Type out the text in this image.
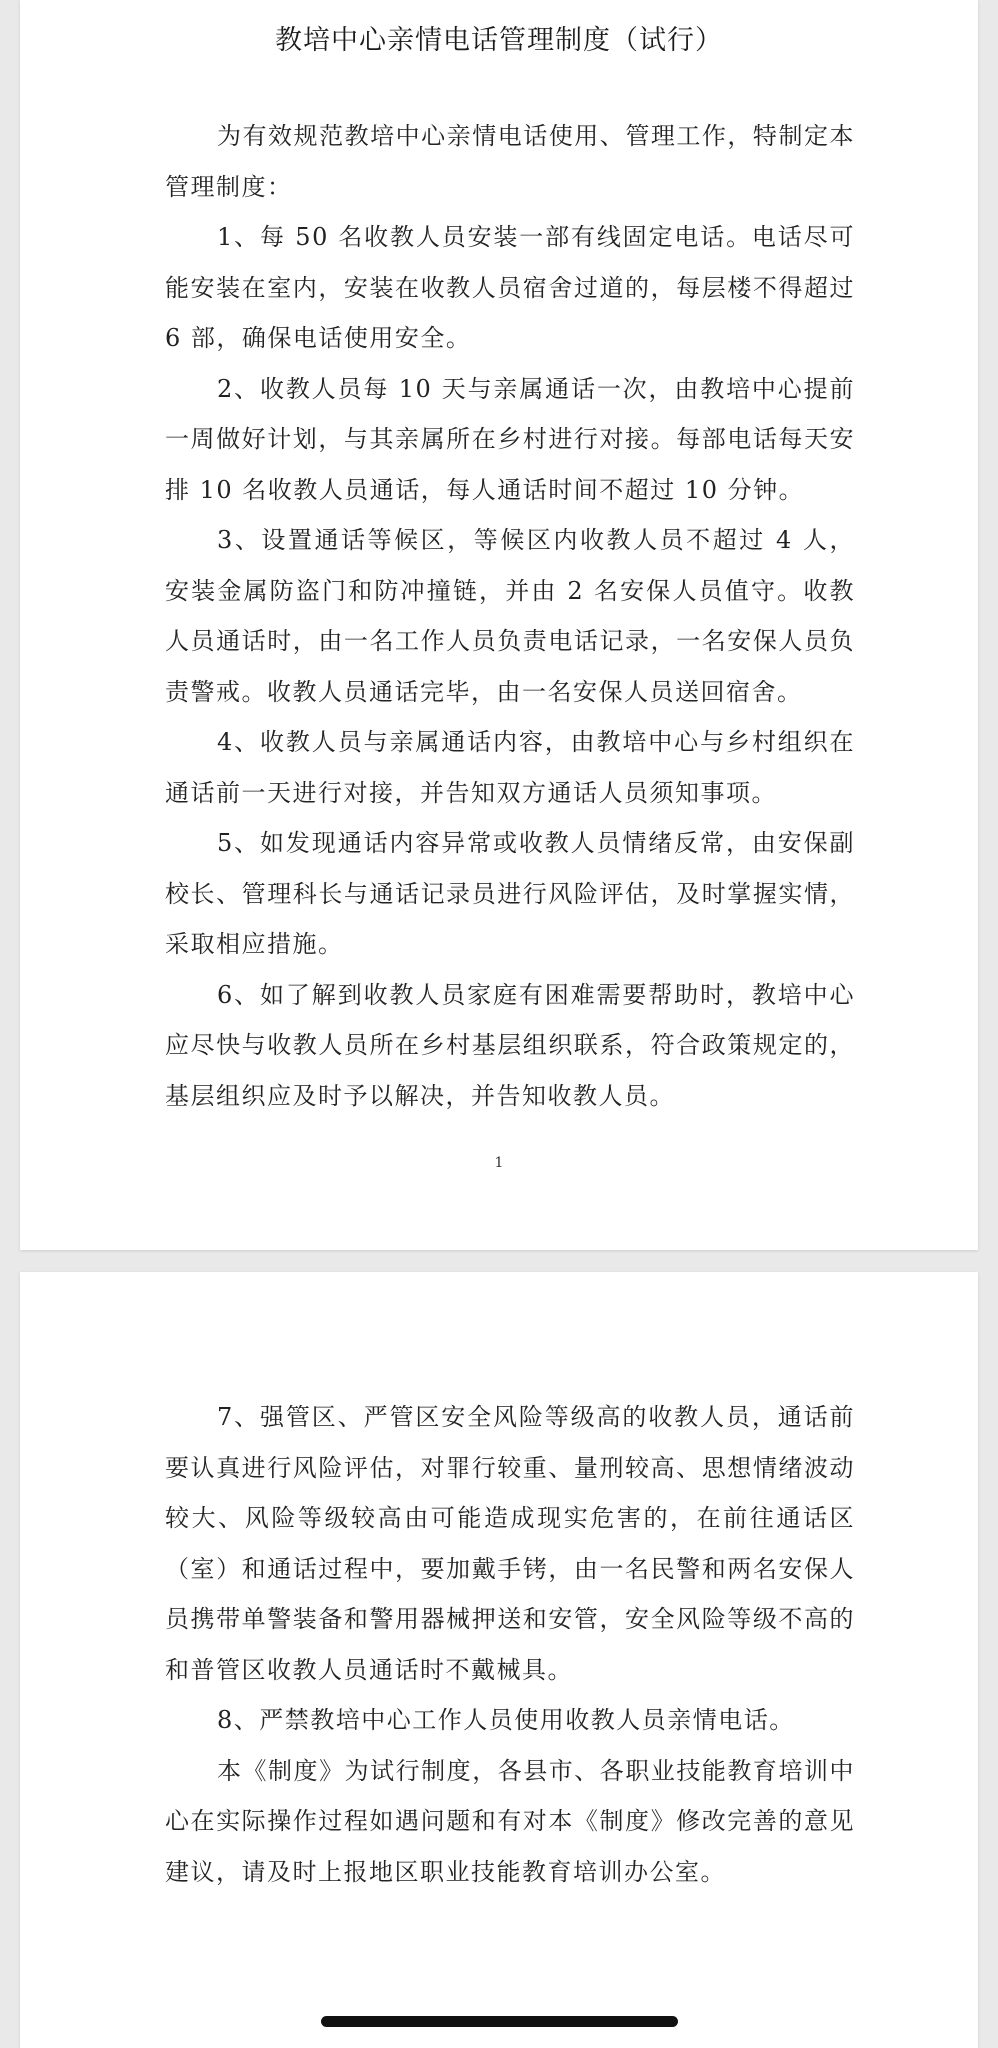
教培中心亲情电话管理制度（试行）

为有效规范教培中心亲情电话使用、管理工作，特制定本管理制度：

1、每 50 名收教人员安装一部有线固定电话。电话尽可能安装在室内，安装在收教人员宿舍过道的，每层楼不得超过 6 部，确保电话使用安全。

2、收教人员每 10 天与亲属通话一次，由教培中心提前一周做好计划，与其亲属所在乡村进行对接。每部电话每天安排 10 名收教人员通话，每人通话时间不超过 10 分钟。

3、设置通话等候区，等候区内收教人员不超过 4 人，安装金属防盗门和防冲撞链，并由 2 名安保人员值守。收教人员通话时，由一名工作人员负责电话记录，一名安保人员负责警戒。收教人员通话完毕，由一名安保人员送回宿舍。

4、收教人员与亲属通话内容，由教培中心与乡村组织在通话前一天进行对接，并告知双方通话人员须知事项。

5、如发现通话内容异常或收教人员情绪反常，由安保副校长、管理科长与通话记录员进行风险评估，及时掌握实情，采取相应措施。

6、如了解到收教人员家庭有困难需要帮助时，教培中心应尽快与收教人员所在乡村基层组织联系，符合政策规定的，基层组织应及时予以解决，并告知收教人员。

1

7、强管区、严管区安全风险等级高的收教人员，通话前要认真进行风险评估，对罪行较重、量刑较高、思想情绪波动较大、风险等级较高由可能造成现实危害的，在前往通话区（室）和通话过程中，要加戴手铐，由一名民警和两名安保人员携带单警装备和警用器械押送和安管，安全风险等级不高的和普管区收教人员通话时不戴械具。

8、严禁教培中心工作人员使用收教人员亲情电话。

本《制度》为试行制度，各县市、各职业技能教育培训中心在实际操作过程如遇问题和有对本《制度》修改完善的意见建议，请及时上报地区职业技能教育培训办公室。
